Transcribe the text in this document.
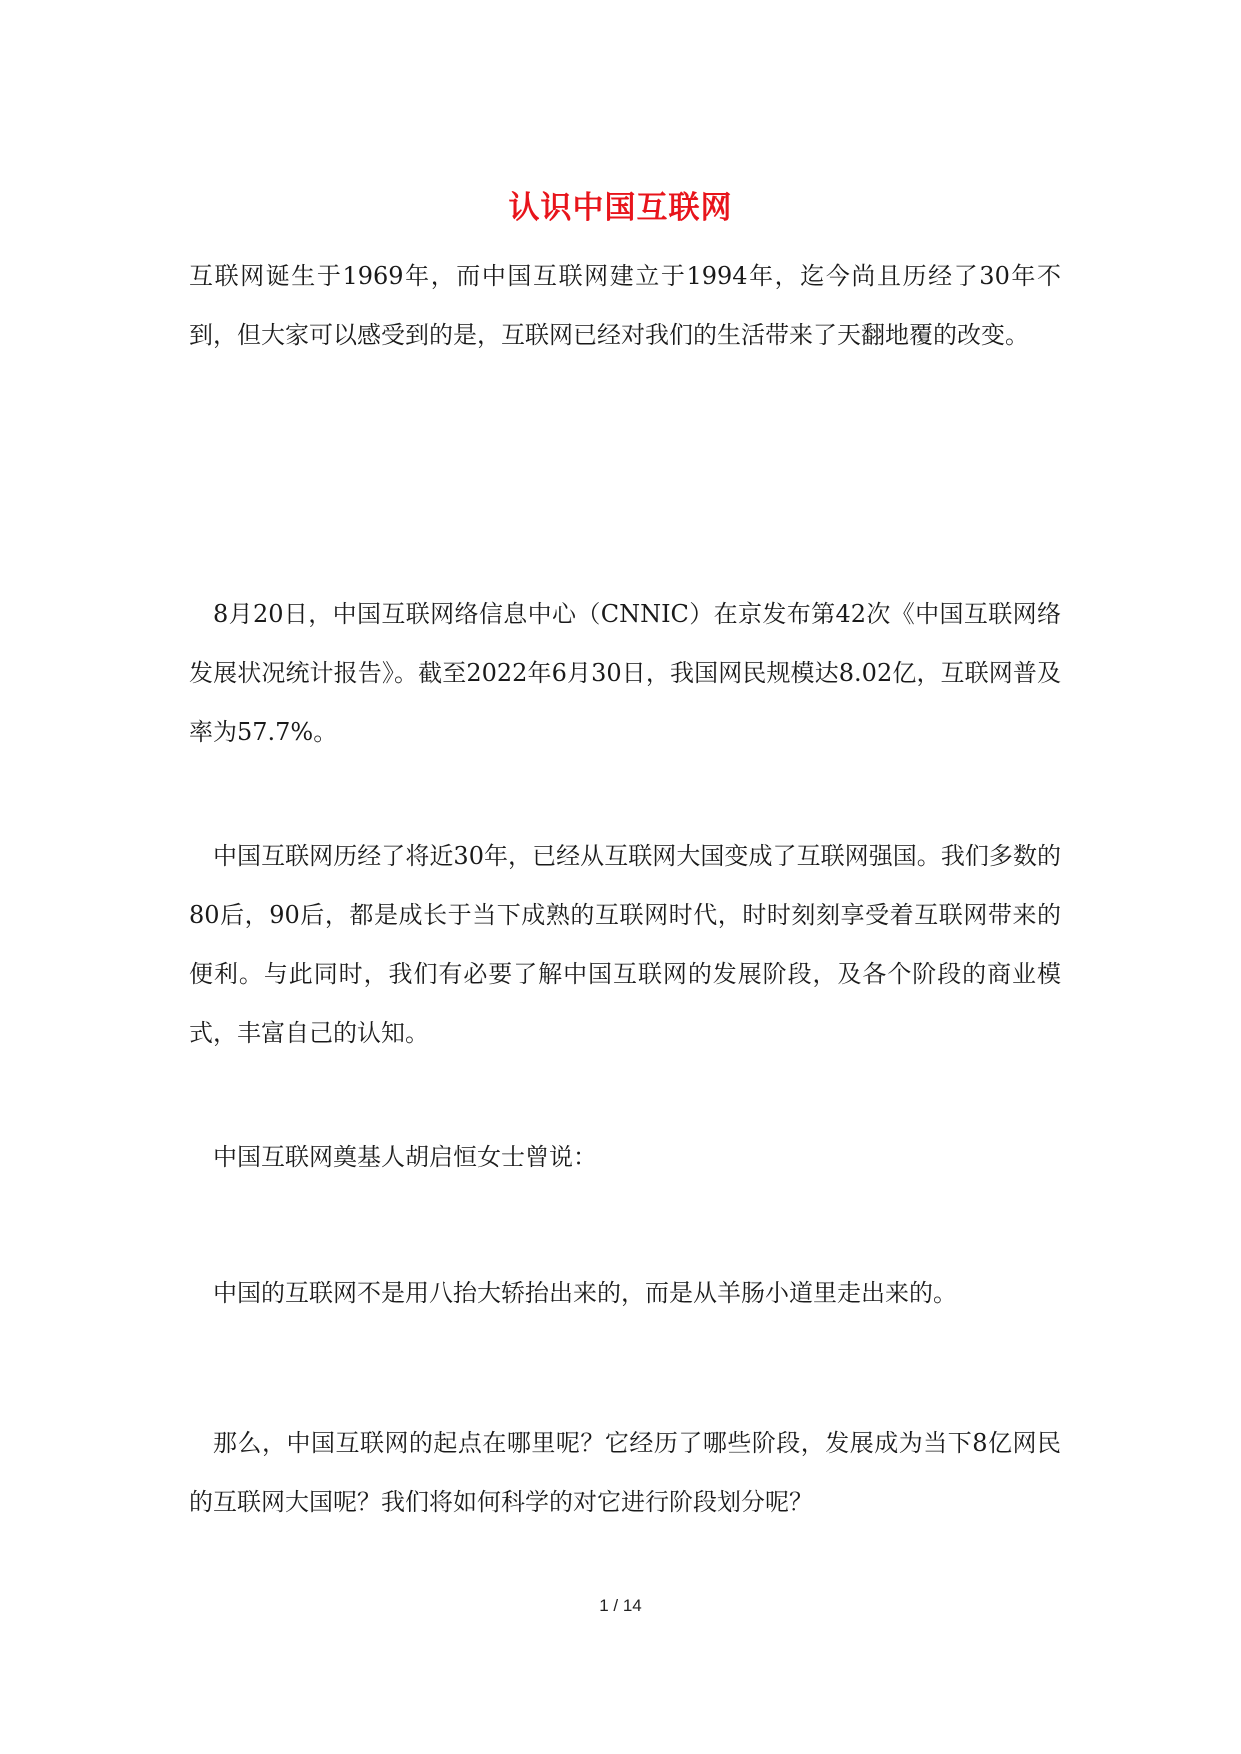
认识中国互联网

互联网诞生于1969年，而中国互联网建立于1994年，迄今尚且历经了30年不到，但大家可以感受到的是，互联网已经对我们的生活带来了天翻地覆的改变。

8月20日，中国互联网络信息中心（CNNIC）在京发布第42次《中国互联网络发展状况统计报告》。截至2022年6月30日，我国网民规模达8.02亿，互联网普及率为57.7%。

中国互联网历经了将近30年，已经从互联网大国变成了互联网强国。我们多数的80后，90后，都是成长于当下成熟的互联网时代，时时刻刻享受着互联网带来的便利。与此同时，我们有必要了解中国互联网的发展阶段，及各个阶段的商业模式，丰富自己的认知。

中国互联网奠基人胡启恒女士曾说：

中国的互联网不是用八抬大轿抬出来的，而是从羊肠小道里走出来的。

那么，中国互联网的起点在哪里呢？它经历了哪些阶段，发展成为当下8亿网民的互联网大国呢？我们将如何科学的对它进行阶段划分呢？

1 / 14
